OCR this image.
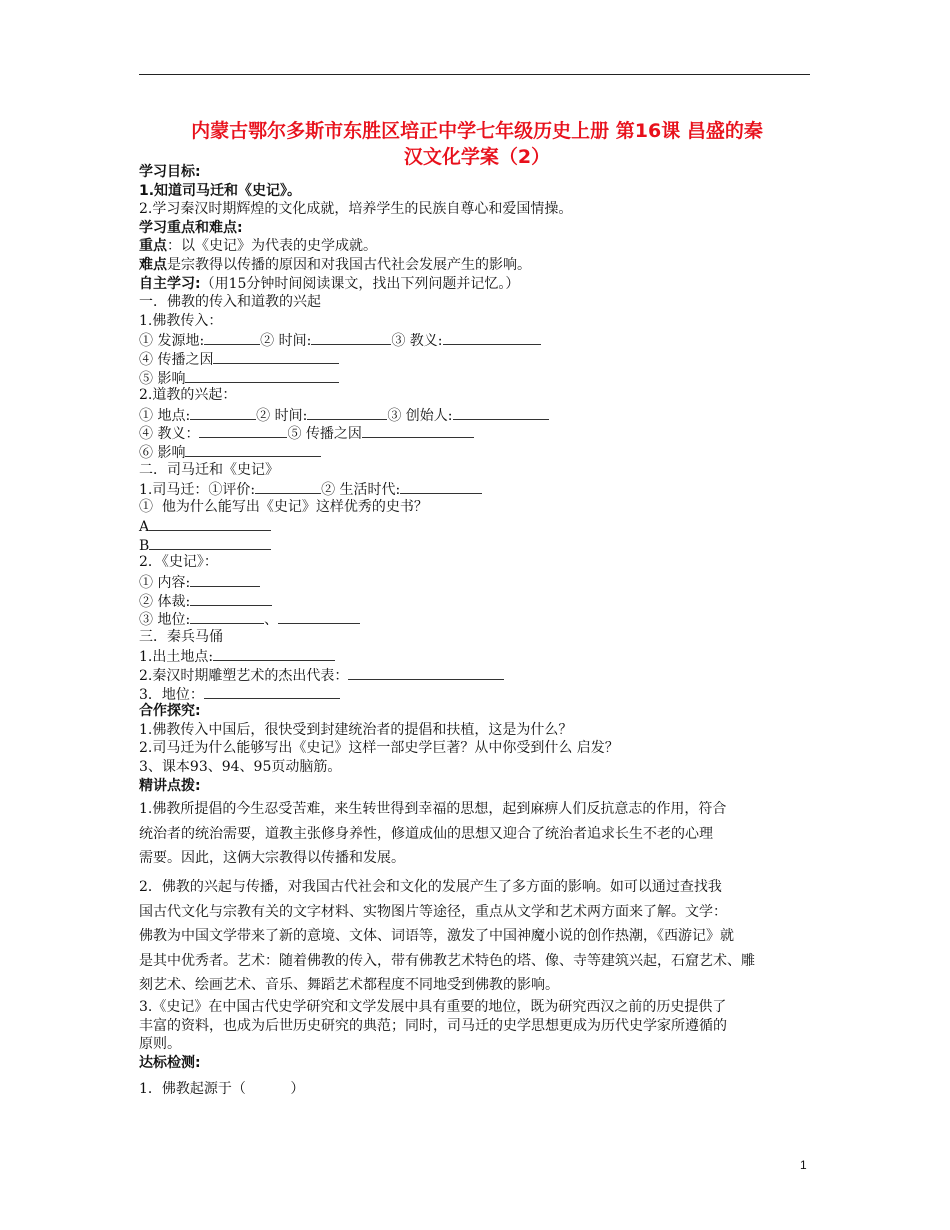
内蒙古鄂尔多斯市东胜区培正中学七年级历史上册 第16课 昌盛的秦
汉文化学案（2）
学习目标:
1.知道司马迁和《史记》。
2.学习秦汉时期辉煌的文化成就，培养学生的民族自尊心和爱国情操。
学习重点和难点:
重点：以《史记》为代表的史学成就。
难点是宗教得以传播的原因和对我国古代社会发展产生的影响。
自主学习:（用15分钟时间阅读课文，找出下列问题并记忆。）
一．佛教的传入和道教的兴起
1.佛教传入：
① 发源地:	② 时间:	③ 教义:
④ 传播之因
⑤ 影响
2.道教的兴起：
① 地点:	② 时间:	③ 创始人:
④ 教义：	⑤ 传播之因
⑥ 影响
二．司马迁和《史记》
1.司马迁：①评价:	② 生活时代:
①  他为什么能写出《史记》这样优秀的史书？
A
B
2．《史记》：
① 内容:
② 体裁:
③ 地位:	、
三．秦兵马俑
1.出土地点:
2.秦汉时期雕塑艺术的杰出代表：
3．地位：
合作探究:
1.佛教传入中国后，很快受到封建统治者的提倡和扶植，这是为什么？
2.司马迁为什么能够写出《史记》这样一部史学巨著？从中你受到什么 启发？
3、课本93、94、95页动脑筋。
精讲点拨:
1.佛教所提倡的今生忍受苦难，来生转世得到幸福的思想，起到麻痹人们反抗意志的作用，符合
统治者的统治需要，道教主张修身养性，修道成仙的思想又迎合了统治者追求长生不老的心理
需要。因此，这俩大宗教得以传播和发展。
2．佛教的兴起与传播，对我国古代社会和文化的发展产生了多方面的影响。如可以通过查找我
国古代文化与宗教有关的文字材料、实物图片等途径，重点从文学和艺术两方面来了解。文学：
佛教为中国文学带来了新的意境、文体、词语等，激发了中国神魔小说的创作热潮，《西游记》就
是其中优秀者。艺术：随着佛教的传入，带有佛教艺术特色的塔、像、寺等建筑兴起，石窟艺术、雕
刻艺术、绘画艺术、音乐、舞蹈艺术都程度不同地受到佛教的影响。
3.《史记》在中国古代史学研究和文学发展中具有重要的地位，既为研究西汉之前的历史提供了
丰富的资料，也成为后世历史研究的典范；同时，司马迁的史学思想更成为历代史学家所遵循的
原则。
达标检测:
1．佛教起源于（          ）
1
